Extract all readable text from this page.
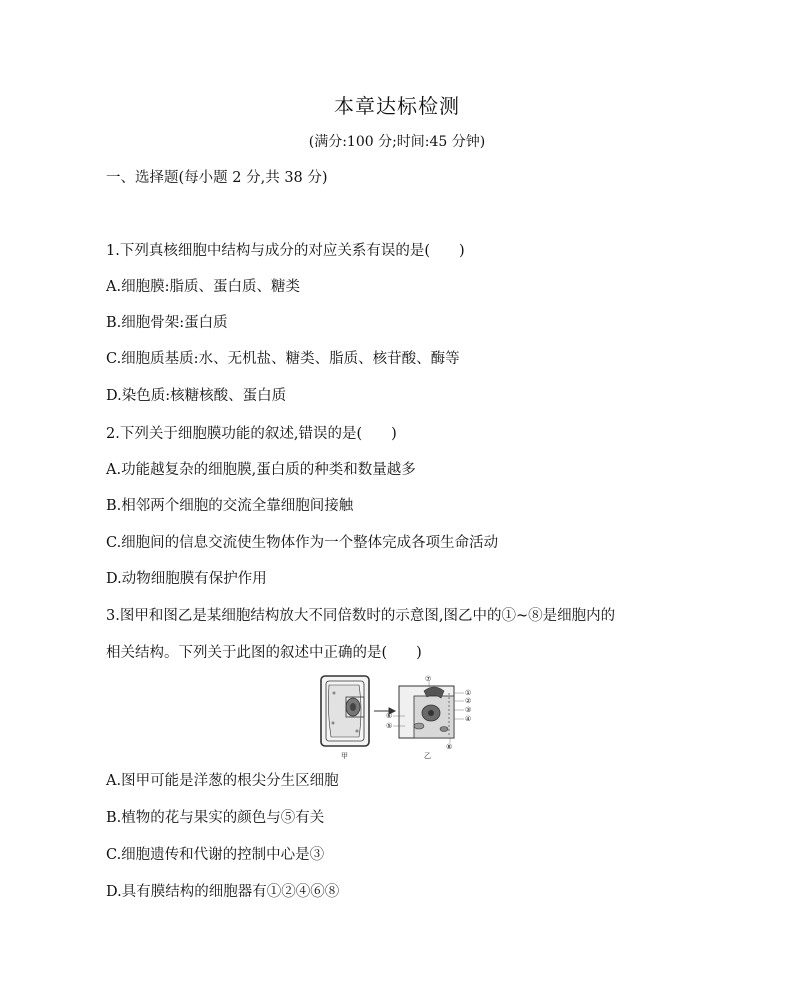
本章达标检测
(满分:100 分;时间:45 分钟)
一、选择题(每小题 2 分,共 38 分)
1.下列真核细胞中结构与成分的对应关系有误的是(　　)
A.细胞膜:脂质、蛋白质、糖类
B.细胞骨架:蛋白质
C.细胞质基质:水、无机盐、糖类、脂质、核苷酸、酶等
D.染色质:核糖核酸、蛋白质
2.下列关于细胞膜功能的叙述,错误的是(　　)
A.功能越复杂的细胞膜,蛋白质的种类和数量越多
B.相邻两个细胞的交流全靠细胞间接触
C.细胞间的信息交流使生物体作为一个整体完成各项生命活动
D.动物细胞膜有保护作用
3.图甲和图乙是某细胞结构放大不同倍数时的示意图,图乙中的①~⑧是细胞内的
相关结构。下列关于此图的叙述中正确的是(　　)
①
②
③
④
⑤
⑥
⑦
⑧
甲	乙
A.图甲可能是洋葱的根尖分生区细胞
B.植物的花与果实的颜色与⑤有关
C.细胞遗传和代谢的控制中心是③
D.具有膜结构的细胞器有①②④⑥⑧
